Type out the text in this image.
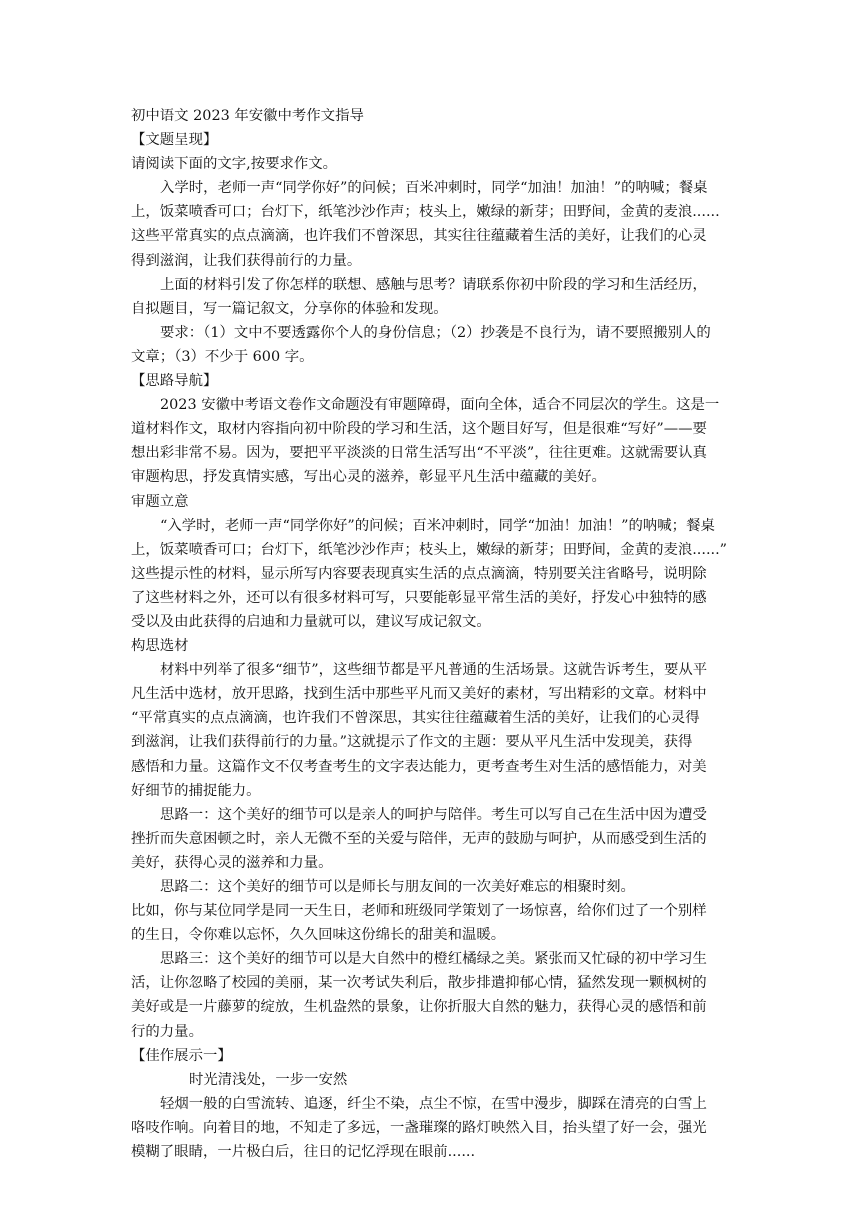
初中语文 2023 年安徽中考作文指导
【文题呈现】
请阅读下面的文字,按要求作文。
入学时，老师一声“同学你好”的问候；百米冲刺时，同学“加油！加油！”的呐喊；餐桌
上，饭菜喷香可口；台灯下，纸笔沙沙作声；枝头上，嫩绿的新芽；田野间，金黄的麦浪......
这些平常真实的点点滴滴，也许我们不曾深思，其实往往蕴藏着生活的美好，让我们的心灵
得到滋润，让我们获得前行的力量。
上面的材料引发了你怎样的联想、感触与思考？请联系你初中阶段的学习和生活经历，
自拟题目，写一篇记叙文，分享你的体验和发现。
要求：（1）文中不要透露你个人的身份信息；（2）抄袭是不良行为，请不要照搬别人的
文章；（3）不少于 600 字。
【思路导航】
2023 安徽中考语文卷作文命题没有审题障碍，面向全体，适合不同层次的学生。这是一
道材料作文，取材内容指向初中阶段的学习和生活，这个题目好写，但是很难“写好”——要
想出彩非常不易。因为，要把平平淡淡的日常生活写出“不平淡”，往往更难。这就需要认真
审题构思，抒发真情实感，写出心灵的滋养，彰显平凡生活中蕴藏的美好。
审题立意
“入学时，老师一声“同学你好”的问候；百米冲刺时，同学“加油！加油！”的呐喊；餐桌
上，饭菜喷香可口；台灯下，纸笔沙沙作声；枝头上，嫩绿的新芽；田野间，金黄的麦浪......”
这些提示性的材料，显示所写内容要表现真实生活的点点滴滴，特别要关注省略号，说明除
了这些材料之外，还可以有很多材料可写，只要能彰显平常生活的美好，抒发心中独特的感
受以及由此获得的启迪和力量就可以，建议写成记叙文。
构思选材
材料中列举了很多“细节”，这些细节都是平凡普通的生活场景。这就告诉考生，要从平
凡生活中选材，放开思路，找到生活中那些平凡而又美好的素材，写出精彩的文章。材料中
“平常真实的点点滴滴，也许我们不曾深思，其实往往蕴藏着生活的美好，让我们的心灵得
到滋润，让我们获得前行的力量。”这就提示了作文的主题：要从平凡生活中发现美，获得
感悟和力量。这篇作文不仅考查考生的文字表达能力，更考查考生对生活的感悟能力，对美
好细节的捕捉能力。
思路一：这个美好的细节可以是亲人的呵护与陪伴。考生可以写自己在生活中因为遭受
挫折而失意困顿之时，亲人无微不至的关爱与陪伴，无声的鼓励与呵护，从而感受到生活的
美好，获得心灵的滋养和力量。
思路二：这个美好的细节可以是师长与朋友间的一次美好难忘的相聚时刻。
比如，你与某位同学是同一天生日，老师和班级同学策划了一场惊喜，给你们过了一个别样
的生日，令你难以忘怀，久久回味这份绵长的甜美和温暖。
思路三：这个美好的细节可以是大自然中的橙红橘绿之美。紧张而又忙碌的初中学习生
活，让你忽略了校园的美丽，某一次考试失利后，散步排遣抑郁心情，猛然发现一颗枫树的
美好或是一片藤萝的绽放，生机盎然的景象，让你折服大自然的魅力，获得心灵的感悟和前
行的力量。
【佳作展示一】
时光清浅处，一步一安然
轻烟一般的白雪流转、追逐，纤尘不染，点尘不惊，在雪中漫步，脚踩在清亮的白雪上
咯吱作响。向着目的地，不知走了多远，一盏璀璨的路灯映然入目，抬头望了好一会，强光
模糊了眼睛，一片极白后，往日的记忆浮现在眼前......
